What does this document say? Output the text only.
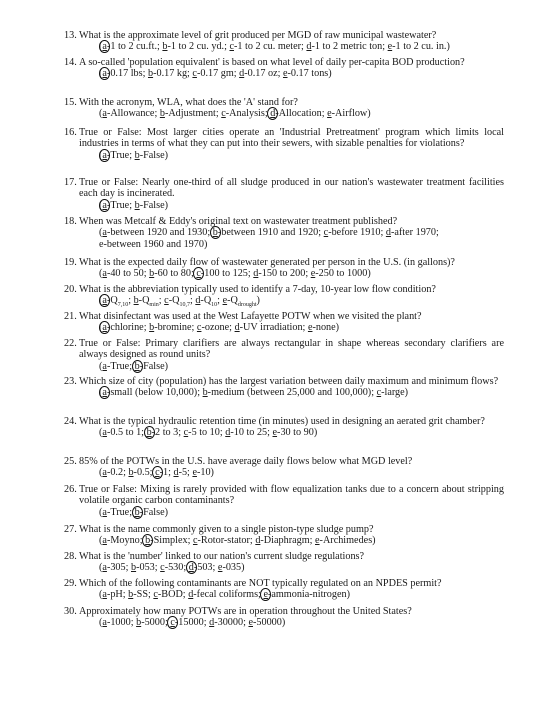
13. What is the approximate level of grit produced per MGD of raw municipal wastewater?
(a-1 to 2 cu.ft.; b-1 to 2 cu. yd.; c-1 to 2 cu. meter; d-1 to 2 metric ton; e-1 to 2 cu. in.)
14. A so-called 'population equivalent' is based on what level of daily per-capita BOD production?
(a-0.17 lbs; b-0.17 kg; c-0.17 gm; d-0.17 oz; e-0.17 tons)
15. With the acronym, WLA, what does the 'A' stand for?
(a-Allowance; b-Adjustment; c-Analysis; d-Allocation; e-Airflow)
16. True or False: Most larger cities operate an 'Industrial Pretreatment' program which limits local industries in terms of what they can put into their sewers, with sizable penalties for violations?
(a-True; b-False)
17. True or False: Nearly one-third of all sludge produced in our nation's wastewater treatment facilities each day is incinerated.
(a-True; b-False)
18. When was Metcalf & Eddy's original text on wastewater treatment published?
(a-between 1920 and 1930; b-between 1910 and 1920; c-before 1910; d-after 1970;
e-between 1960 and 1970)
19. What is the expected daily flow of wastewater generated per person in the U.S. (in gallons)?
(a-40 to 50; b-60 to 80; c-100 to 125; d-150 to 200; e-250 to 1000)
20. What is the abbreviation typically used to identify a 7-day, 10-year low flow condition?
($a-Q_{7,10}$; $b-Q_{min}$; $c-Q_{10,7}$; $d-Q_{10}$; $e-Q_{drought}$)
21. What disinfectant was used at the West Lafayette POTW when we visited the plant?
(a-chlorine; b-bromine; c-ozone; d-UV irradiation; e-none)
22. True or False: Primary clarifiers are always rectangular in shape whereas secondary clarifiers are always designed as round units?
(a-True; b-False)
23. Which size of city (population) has the largest variation between daily maximum and minimum flows?
(a-small (below 10,000); b-medium (between 25,000 and 100,000); c-large)
24. What is the typical hydraulic retention time (in minutes) used in designing an aerated grit chamber?
(a-0.5 to 1; b-2 to 3; c-5 to 10; d-10 to 25; e-30 to 90)
25. 85% of the POTWs in the U.S. have average daily flows below what MGD level?
(a-0.2; b-0.5; c-1; d-5; e-10)
26. True or False: Mixing is rarely provided with flow equalization tanks due to a concern about stripping volatile organic carbon contaminants?
(a-True; b-False)
27. What is the name commonly given to a single piston-type sludge pump?
(a-Moyno; b-Simplex; c-Rotor-stator; d-Diaphragm; e-Archimedes)
28. What is the 'number' linked to our nation's current sludge regulations?
(a-305; b-053; c-530; d-503; e-035)
29. Which of the following contaminants are NOT typically regulated on an NPDES permit?
(a-pH; b-SS; c-BOD; d-fecal coliforms; e-ammonia-nitrogen)
30. Approximately how many POTWs are in operation throughout the United States?
(a-1000; b-5000; c-15000; d-30000; e-50000)
